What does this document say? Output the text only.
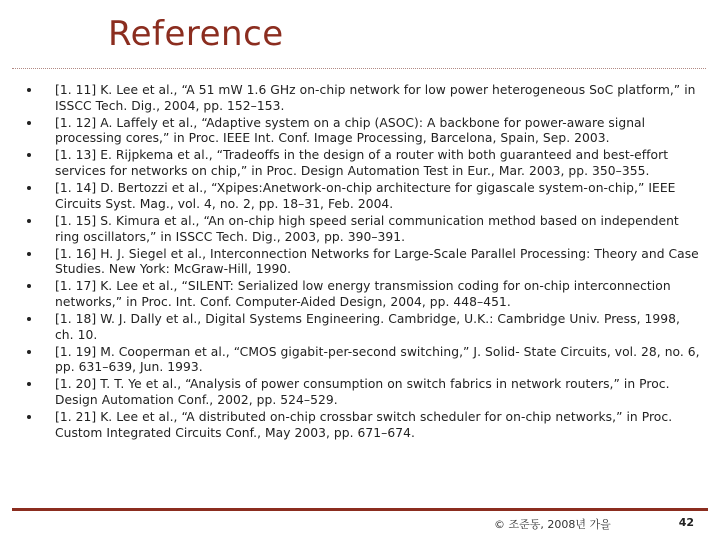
Reference
[1. 11] K. Lee et al., “A 51 mW 1.6 GHz on-chip network for low power heterogeneous SoC platform,” in ISSCC Tech. Dig., 2004, pp. 152–153.
[1. 12] A. Laffely et al., “Adaptive system on a chip (ASOC): A backbone for power-aware signal processing cores,” in Proc. IEEE Int. Conf. Image Processing, Barcelona, Spain, Sep. 2003.
[1. 13] E. Rijpkema et al., “Tradeoffs in the design of a router with both guaranteed and best-effort services for networks on chip,” in Proc. Design Automation Test in Eur., Mar. 2003, pp. 350–355.
[1. 14] D. Bertozzi et al., “Xpipes:Anetwork-on-chip architecture for gigascale system-on-chip,” IEEE Circuits Syst. Mag., vol. 4, no. 2, pp. 18–31, Feb. 2004.
[1. 15] S. Kimura et al., “An on-chip high speed serial communication method based on independent ring oscillators,” in ISSCC Tech. Dig., 2003, pp. 390–391.
[1. 16] H. J. Siegel et al., Interconnection Networks for Large-Scale Parallel Processing: Theory and Case Studies. New York: McGraw-Hill, 1990.
[1. 17] K. Lee et al., “SILENT: Serialized low energy transmission coding for on-chip interconnection networks,” in Proc. Int. Conf. Computer-Aided Design, 2004, pp. 448–451.
[1. 18] W. J. Dally et al., Digital Systems Engineering. Cambridge, U.K.: Cambridge Univ. Press, 1998, ch. 10.
[1. 19] M. Cooperman et al., “CMOS gigabit-per-second switching,” J. Solid- State Circuits, vol. 28, no. 6, pp. 631–639, Jun. 1993.
[1. 20] T. T. Ye et al., “Analysis of power consumption on switch fabrics in network routers,” in Proc. Design Automation Conf., 2002, pp. 524–529.
[1. 21] K. Lee et al., “A distributed on-chip crossbar switch scheduler for on-chip networks,” in Proc. Custom Integrated Circuits Conf., May 2003, pp. 671–674.
© 조준동, 2008년 가을	42
